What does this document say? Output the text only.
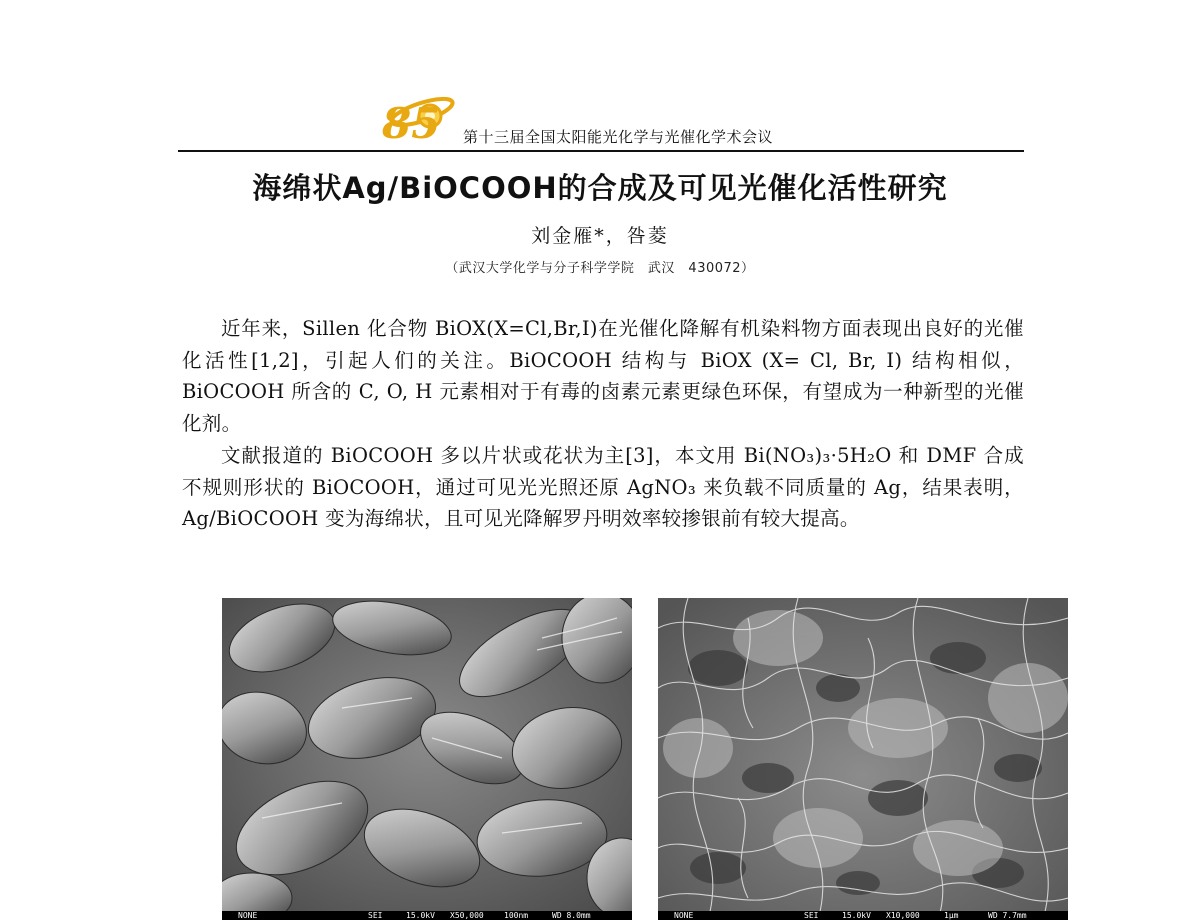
85 第十三届全国太阳能光化学与光催化学术会议
海绵状Ag/BiOCOOH的合成及可见光催化活性研究
刘金雁*，咎菱
（武汉大学化学与分子科学学院　武汉　430072）

近年来，Sillen 化合物 BiOX(X=Cl,Br,I)在光催化降解有机染料物方面表现出良好的光催化活性[1,2]，引起人们的关注。BiOCOOH 结构与 BiOX (X= Cl, Br, I) 结构相似，BiOCOOH 所含的 C, O, H 元素相对于有毒的卤素元素更绿色环保，有望成为一种新型的光催化剂。

文献报道的 BiOCOOH 多以片状或花状为主[3]，本文用 Bi(NO₃)₃·5H₂O 和 DMF 合成不规则形状的 BiOCOOH，通过可见光光照还原 AgNO₃ 来负载不同质量的 Ag，结果表明，Ag/BiOCOOH 变为海绵状，且可见光降解罗丹明效率较掺银前有较大提高。

NONE	SEI	15.0kV X50,000	100nm	WD 8.0mm	NONE	SEI	15.0kV X10,000	1μm	WD 7.7mm
